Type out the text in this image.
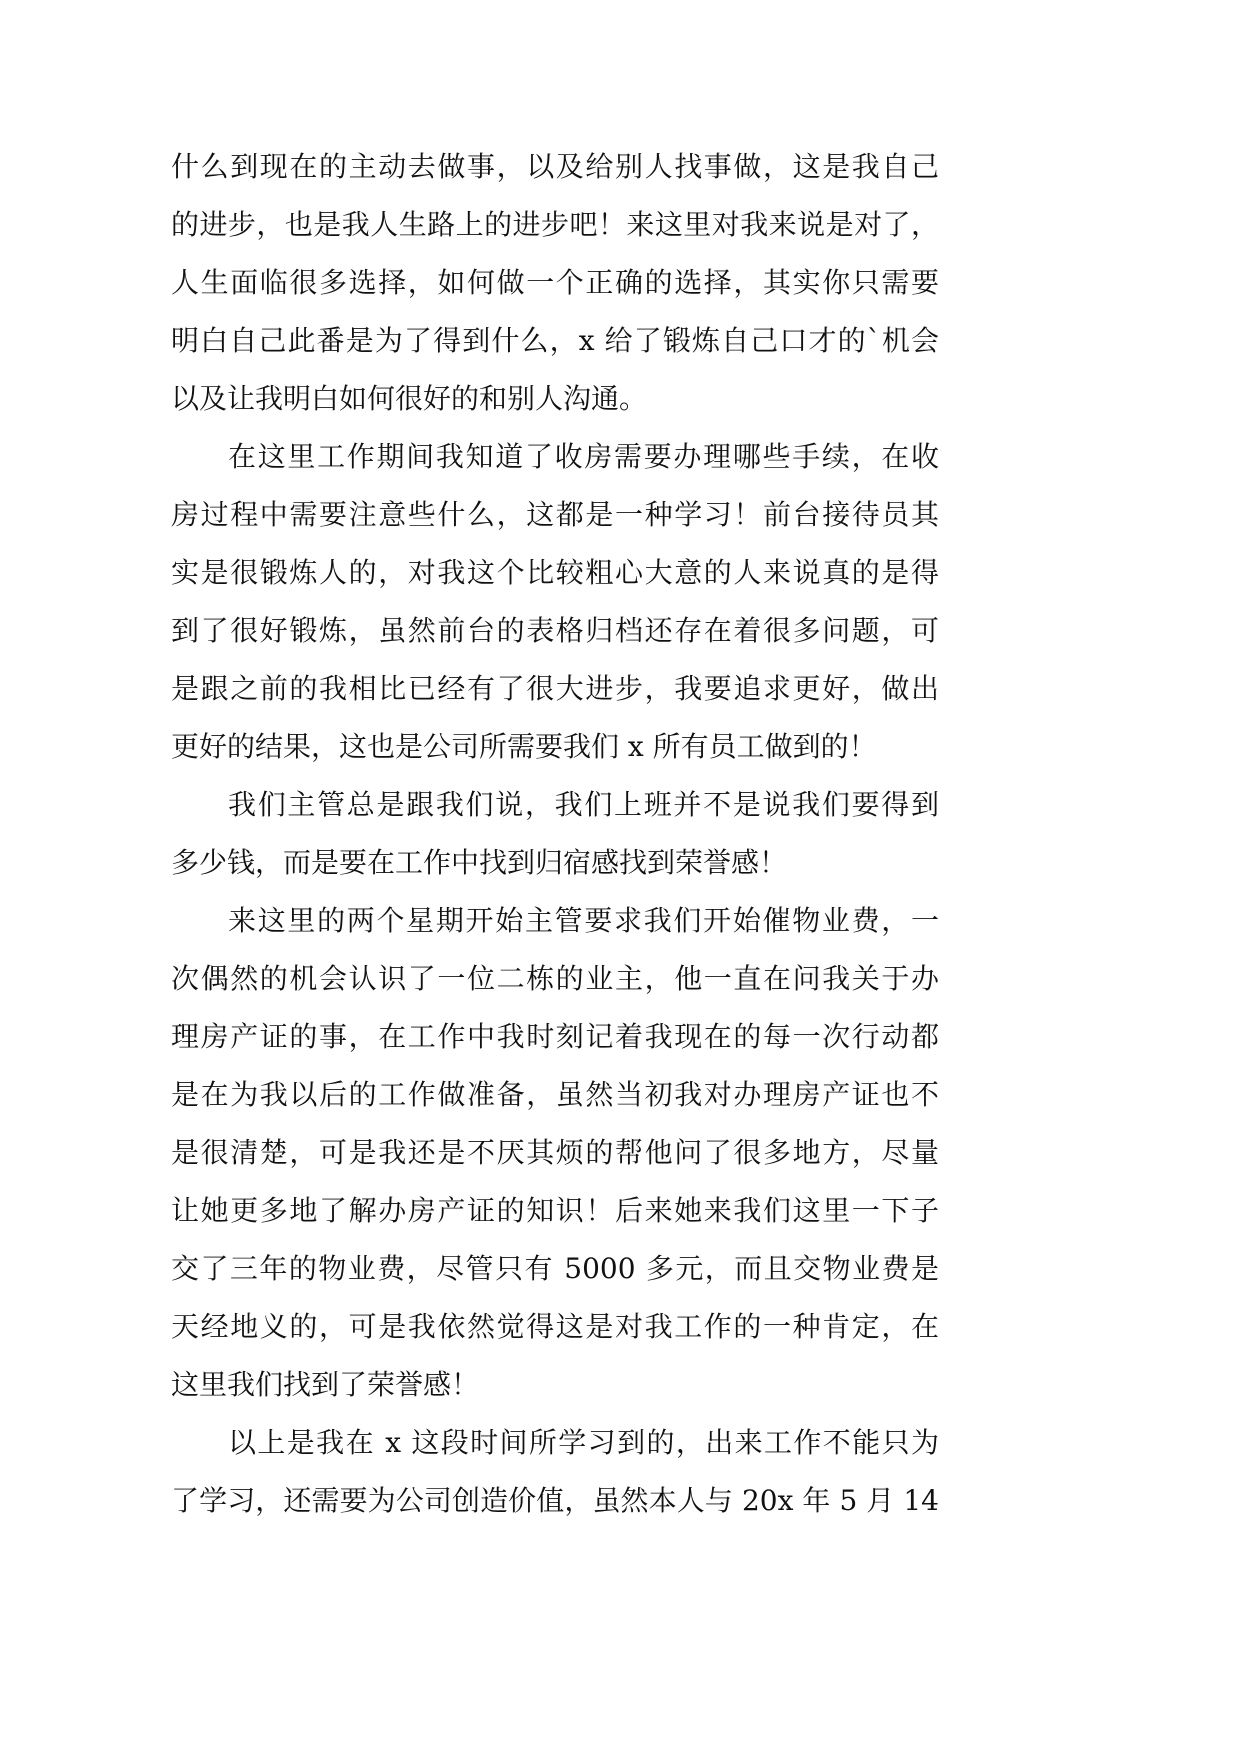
什么到现在的主动去做事，以及给别人找事做，这是我自己

的进步，也是我人生路上的进步吧！来这里对我来说是对了，

人生面临很多选择，如何做一个正确的选择，其实你只需要

明白自己此番是为了得到什么，x 给了锻炼自己口才的`机会

以及让我明白如何很好的和别人沟通。

在这里工作期间我知道了收房需要办理哪些手续，在收

房过程中需要注意些什么，这都是一种学习！前台接待员其

实是很锻炼人的，对我这个比较粗心大意的人来说真的是得

到了很好锻炼，虽然前台的表格归档还存在着很多问题，可

是跟之前的我相比已经有了很大进步，我要追求更好，做出

更好的结果，这也是公司所需要我们 x 所有员工做到的！

我们主管总是跟我们说，我们上班并不是说我们要得到

多少钱，而是要在工作中找到归宿感找到荣誉感！

来这里的两个星期开始主管要求我们开始催物业费，一

次偶然的机会认识了一位二栋的业主，他一直在问我关于办

理房产证的事，在工作中我时刻记着我现在的每一次行动都

是在为我以后的工作做准备，虽然当初我对办理房产证也不

是很清楚，可是我还是不厌其烦的帮他问了很多地方，尽量

让她更多地了解办房产证的知识！后来她来我们这里一下子

交了三年的物业费，尽管只有 5000 多元，而且交物业费是

天经地义的，可是我依然觉得这是对我工作的一种肯定，在

这里我们找到了荣誉感！

以上是我在 x 这段时间所学习到的，出来工作不能只为

了学习，还需要为公司创造价值，虽然本人与 20x 年 5 月 14
